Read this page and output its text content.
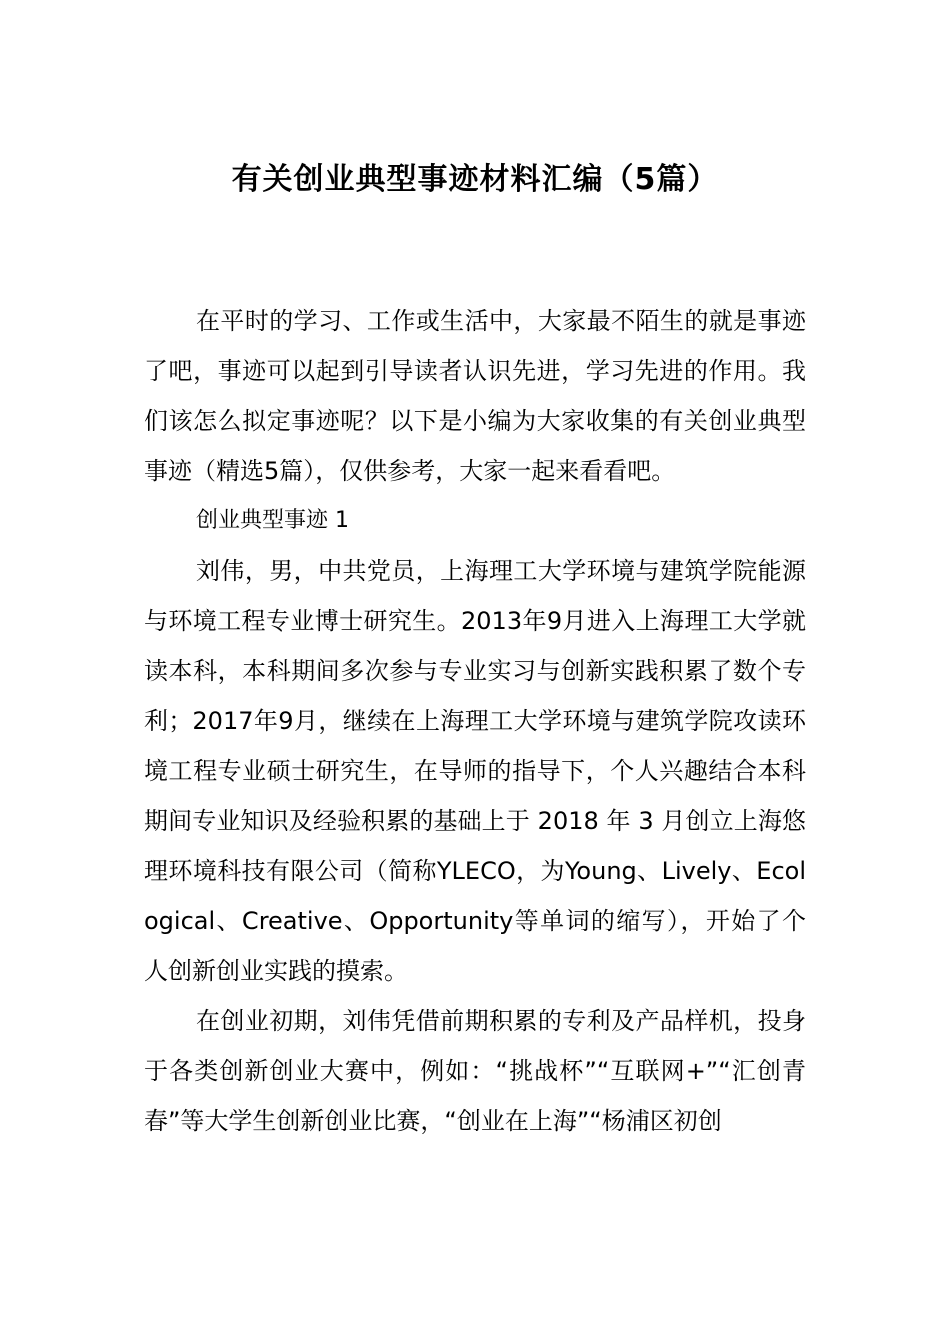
有关创业典型事迹材料汇编（5篇）

在平时的学习、工作或生活中，大家最不陌生的就是事迹了吧，事迹可以起到引导读者认识先进，学习先进的作用。我们该怎么拟定事迹呢？以下是小编为大家收集的有关创业典型事迹（精选5篇），仅供参考，大家一起来看看吧。

创业典型事迹 1

刘伟，男，中共党员，上海理工大学环境与建筑学院能源与环境工程专业博士研究生。2013年9月进入上海理工大学就读本科，本科期间多次参与专业实习与创新实践积累了数个专利；2017年9月，继续在上海理工大学环境与建筑学院攻读环境工程专业硕士研究生，在导师的指导下，个人兴趣结合本科期间专业知识及经验积累的基础上于 2018 年 3 月创立上海悠理环境科技有限公司（简称YLECO，为Young、Lively、Ecological、Creative、Opportunity等单词的缩写），开始了个人创新创业实践的摸索。

在创业初期，刘伟凭借前期积累的专利及产品样机，投身于各类创新创业大赛中，例如：“挑战杯”“互联网+”“汇创青春”等大学生创新创业比赛，“创业在上海”“杨浦区初创
